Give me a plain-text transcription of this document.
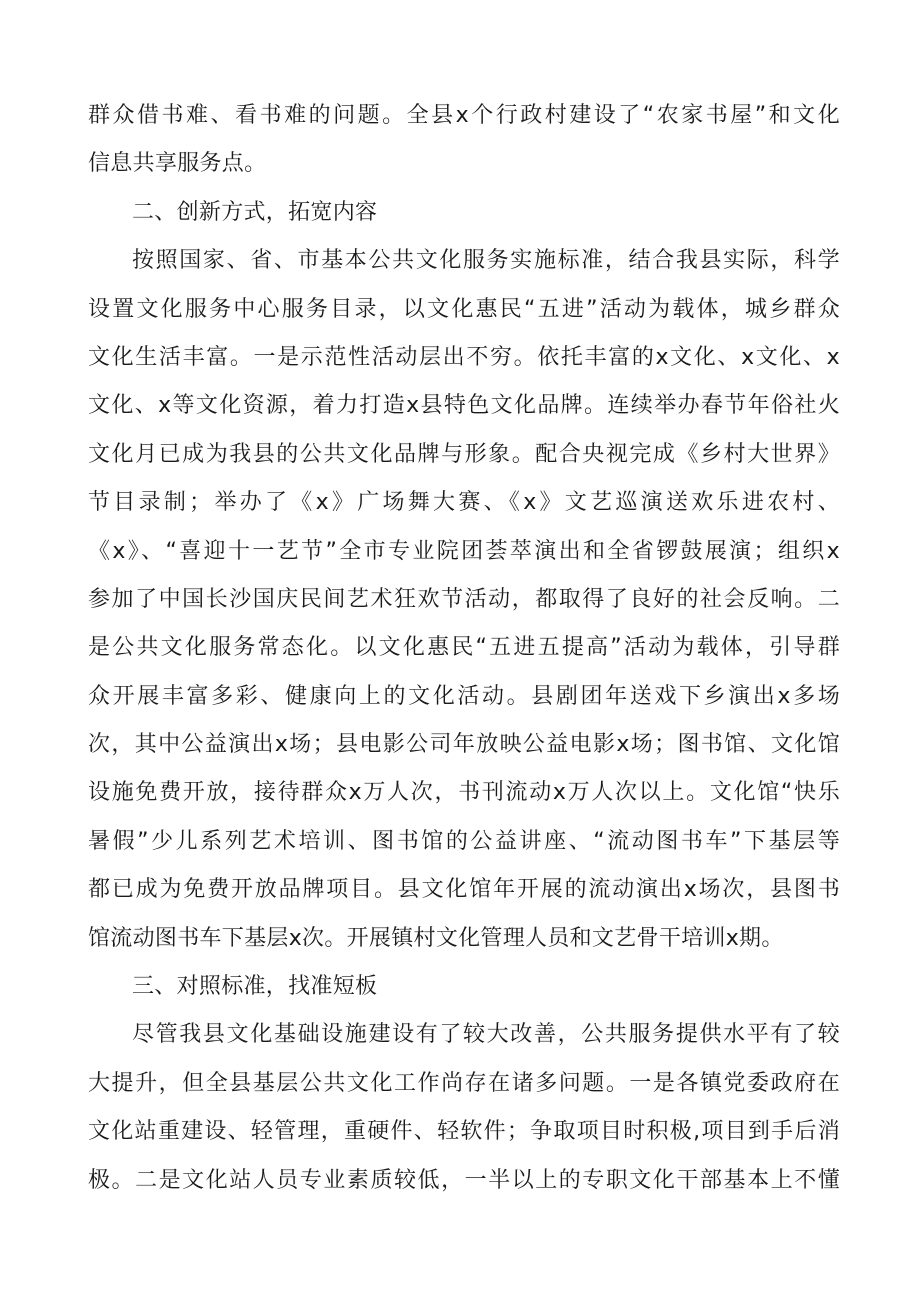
群众借书难、看书难的问题。全县x个行政村建设了“农家书屋”和文化
信息共享服务点。
二、创新方式，拓宽内容
按照国家、省、市基本公共文化服务实施标准，结合我县实际，科学
设置文化服务中心服务目录，以文化惠民“五进”活动为载体，城乡群众
文化生活丰富。一是示范性活动层出不穷。依托丰富的x文化、x文化、x
文化、x等文化资源，着力打造x县特色文化品牌。连续举办春节年俗社火
文化月已成为我县的公共文化品牌与形象。配合央视完成《乡村大世界》
节目录制；举办了《x》广场舞大赛、《x》文艺巡演送欢乐进农村、
《x》、“喜迎十一艺节”全市专业院团荟萃演出和全省锣鼓展演；组织x
参加了中国长沙国庆民间艺术狂欢节活动，都取得了良好的社会反响。二
是公共文化服务常态化。以文化惠民“五进五提高”活动为载体，引导群
众开展丰富多彩、健康向上的文化活动。县剧团年送戏下乡演出x多场
次，其中公益演出x场；县电影公司年放映公益电影x场；图书馆、文化馆
设施免费开放，接待群众x万人次，书刊流动x万人次以上。文化馆“快乐
暑假”少儿系列艺术培训、图书馆的公益讲座、“流动图书车”下基层等
都已成为免费开放品牌项目。县文化馆年开展的流动演出x场次，县图书
馆流动图书车下基层x次。开展镇村文化管理人员和文艺骨干培训x期。
三、对照标准，找准短板
尽管我县文化基础设施建设有了较大改善，公共服务提供水平有了较
大提升，但全县基层公共文化工作尚存在诸多问题。一是各镇党委政府在
文化站重建设、轻管理，重硬件、轻软件；争取项目时积极,项目到手后消
极。二是文化站人员专业素质较低，一半以上的专职文化干部基本上不懂
